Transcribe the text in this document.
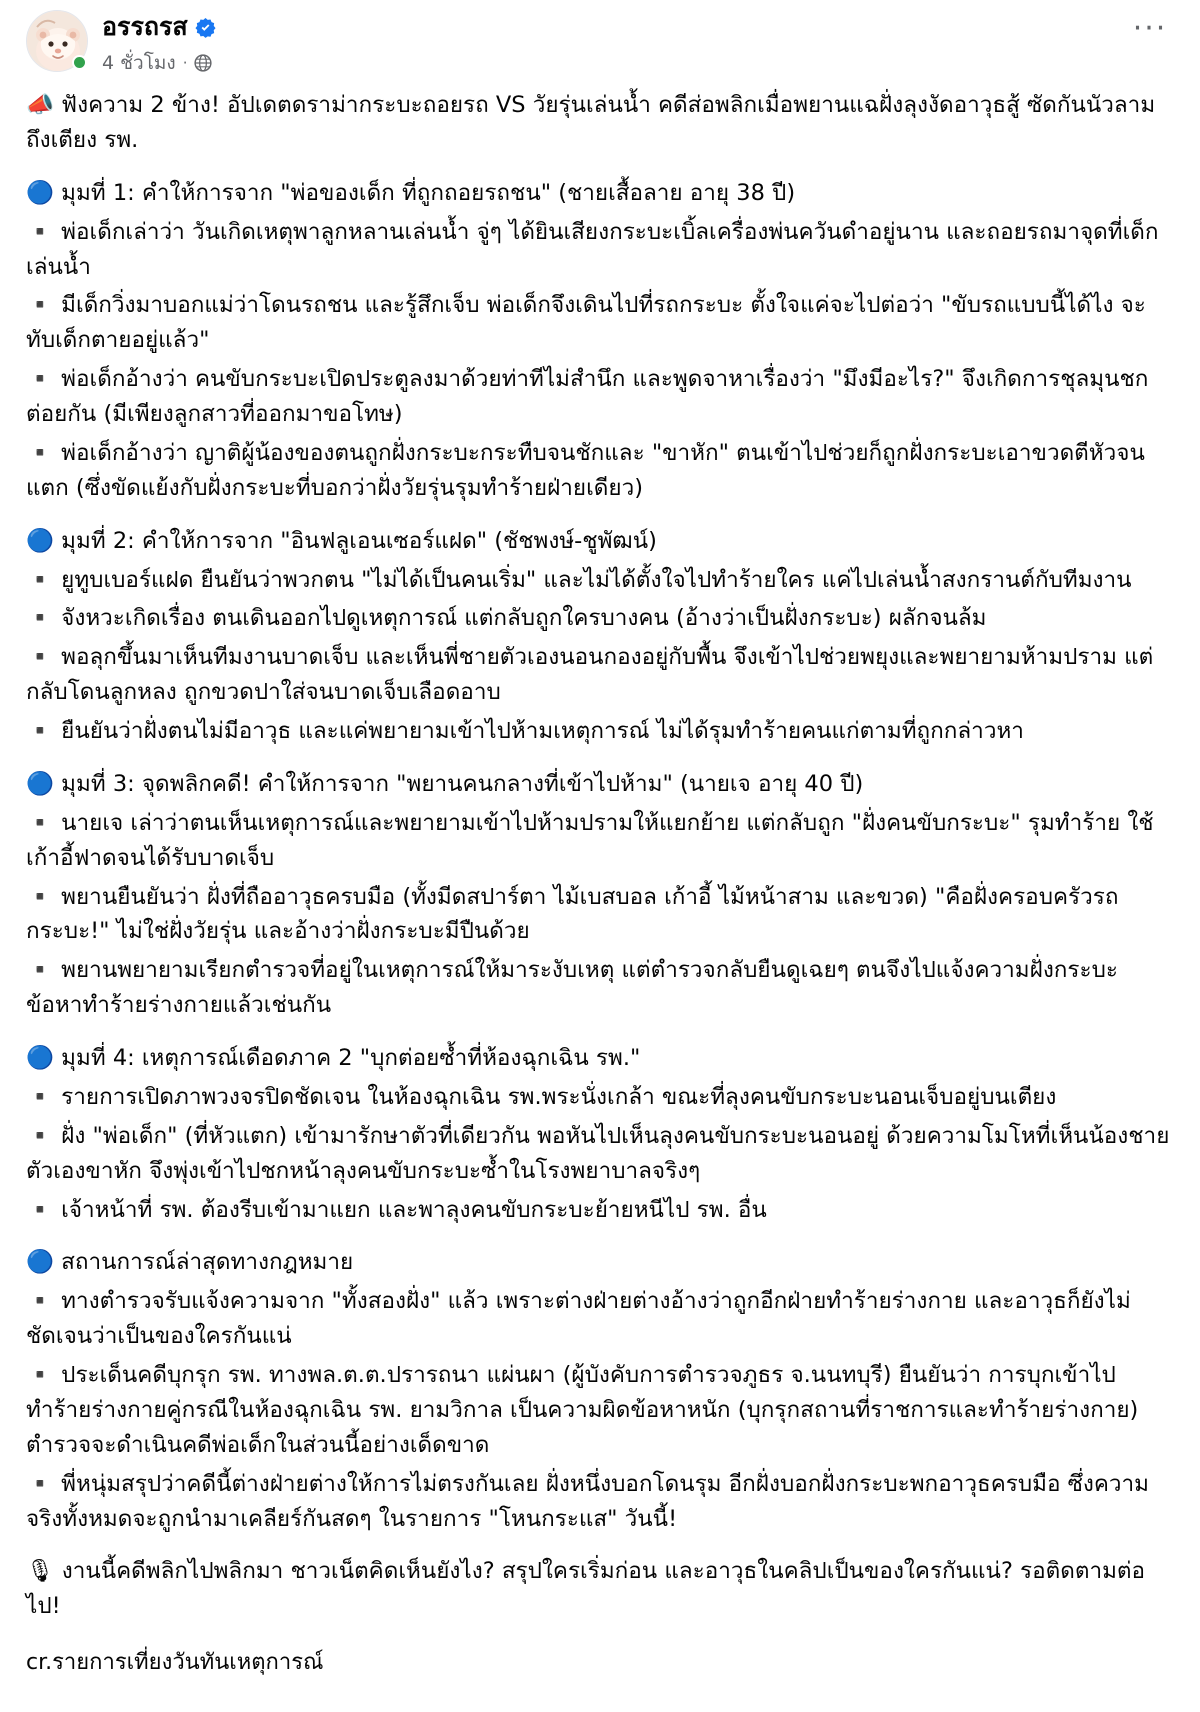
อรรถรส
4 ชั่วโมง ·
···

📣 ฟังความ 2 ข้าง! อัปเดตดราม่ากระบะถอยรถ VS วัยรุ่นเล่นน้ำ คดีส่อพลิกเมื่อพยานแฉฝั่งลุงงัดอาวุธสู้ ซัดกันนัวลามถึงเตียง รพ.

🔵 มุมที่ 1: คำให้การจาก "พ่อของเด็ก ที่ถูกถอยรถชน" (ชายเสื้อลาย อายุ 38 ปี)

▪️ พ่อเด็กเล่าว่า วันเกิดเหตุพาลูกหลานเล่นน้ำ จู่ๆ ได้ยินเสียงกระบะเบิ้ลเครื่องพ่นควันดำอยู่นาน และถอยรถมาจุดที่เด็กเล่นน้ำ

▪️ มีเด็กวิ่งมาบอกแม่ว่าโดนรถชน และรู้สึกเจ็บ พ่อเด็กจึงเดินไปที่รถกระบะ ตั้งใจแค่จะไปต่อว่า "ขับรถแบบนี้ได้ไง จะทับเด็กตายอยู่แล้ว"

▪️ พ่อเด็กอ้างว่า คนขับกระบะเปิดประตูลงมาด้วยท่าทีไม่สำนึก และพูดจาหาเรื่องว่า "มึงมีอะไร?" จึงเกิดการชุลมุนชกต่อยกัน (มีเพียงลูกสาวที่ออกมาขอโทษ)

▪️ พ่อเด็กอ้างว่า ญาติผู้น้องของตนถูกฝั่งกระบะกระทืบจนชักและ "ขาหัก" ตนเข้าไปช่วยก็ถูกฝั่งกระบะเอาขวดตีหัวจนแตก (ซึ่งขัดแย้งกับฝั่งกระบะที่บอกว่าฝั่งวัยรุ่นรุมทำร้ายฝ่ายเดียว)

🔵 มุมที่ 2: คำให้การจาก "อินฟลูเอนเซอร์แฝด" (ชัชพงษ์-ชูพัฒน์)

▪️ ยูทูบเบอร์แฝด ยืนยันว่าพวกตน "ไม่ได้เป็นคนเริ่ม" และไม่ได้ตั้งใจไปทำร้ายใคร แค่ไปเล่นน้ำสงกรานต์กับทีมงาน

▪️ จังหวะเกิดเรื่อง ตนเดินออกไปดูเหตุการณ์ แต่กลับถูกใครบางคน (อ้างว่าเป็นฝั่งกระบะ) ผลักจนล้ม

▪️ พอลุกขึ้นมาเห็นทีมงานบาดเจ็บ และเห็นพี่ชายตัวเองนอนกองอยู่กับพื้น จึงเข้าไปช่วยพยุงและพยายามห้ามปราม แต่กลับโดนลูกหลง ถูกขวดปาใส่จนบาดเจ็บเลือดอาบ

▪️ ยืนยันว่าฝั่งตนไม่มีอาวุธ และแค่พยายามเข้าไปห้ามเหตุการณ์ ไม่ได้รุมทำร้ายคนแก่ตามที่ถูกกล่าวหา

🔵 มุมที่ 3: จุดพลิกคดี! คำให้การจาก "พยานคนกลางที่เข้าไปห้าม" (นายเจ อายุ 40 ปี)

▪️ นายเจ เล่าว่าตนเห็นเหตุการณ์และพยายามเข้าไปห้ามปรามให้แยกย้าย แต่กลับถูก "ฝั่งคนขับกระบะ" รุมทำร้าย ใช้เก้าอี้ฟาดจนได้รับบาดเจ็บ

▪️ พยานยืนยันว่า ฝั่งที่ถืออาวุธครบมือ (ทั้งมีดสปาร์ตา ไม้เบสบอล เก้าอี้ ไม้หน้าสาม และขวด) "คือฝั่งครอบครัวรถกระบะ!" ไม่ใช่ฝั่งวัยรุ่น และอ้างว่าฝั่งกระบะมีปืนด้วย

▪️ พยานพยายามเรียกตำรวจที่อยู่ในเหตุการณ์ให้มาระงับเหตุ แต่ตำรวจกลับยืนดูเฉยๆ ตนจึงไปแจ้งความฝั่งกระบะข้อหาทำร้ายร่างกายแล้วเช่นกัน

🔵 มุมที่ 4: เหตุการณ์เดือดภาค 2 "บุกต่อยซ้ำที่ห้องฉุกเฉิน รพ."

▪️ รายการเปิดภาพวงจรปิดชัดเจน ในห้องฉุกเฉิน รพ.พระนั่งเกล้า ขณะที่ลุงคนขับกระบะนอนเจ็บอยู่บนเตียง

▪️ ฝั่ง "พ่อเด็ก" (ที่หัวแตก) เข้ามารักษาตัวที่เดียวกัน พอหันไปเห็นลุงคนขับกระบะนอนอยู่ ด้วยความโมโหที่เห็นน้องชายตัวเองขาหัก จึงพุ่งเข้าไปชกหน้าลุงคนขับกระบะซ้ำในโรงพยาบาลจริงๆ

▪️ เจ้าหน้าที่ รพ. ต้องรีบเข้ามาแยก และพาลุงคนขับกระบะย้ายหนีไป รพ. อื่น

🔵 สถานการณ์ล่าสุดทางกฎหมาย

▪️ ทางตำรวจรับแจ้งความจาก "ทั้งสองฝั่ง" แล้ว เพราะต่างฝ่ายต่างอ้างว่าถูกอีกฝ่ายทำร้ายร่างกาย และอาวุธก็ยังไม่ชัดเจนว่าเป็นของใครกันแน่

▪️ ประเด็นคดีบุกรุก รพ. ทางพล.ต.ต.ปรารถนา แผ่นผา (ผู้บังคับการตำรวจภูธร จ.นนทบุรี) ยืนยันว่า การบุกเข้าไปทำร้ายร่างกายคู่กรณีในห้องฉุกเฉิน รพ. ยามวิกาล เป็นความผิดข้อหาหนัก (บุกรุกสถานที่ราชการและทำร้ายร่างกาย) ตำรวจจะดำเนินคดีพ่อเด็กในส่วนนี้อย่างเด็ดขาด

▪️ พี่หนุ่มสรุปว่าคดีนี้ต่างฝ่ายต่างให้การไม่ตรงกันเลย ฝั่งหนึ่งบอกโดนรุม อีกฝั่งบอกฝั่งกระบะพกอาวุธครบมือ ซึ่งความจริงทั้งหมดจะถูกนำมาเคลียร์กันสดๆ ในรายการ "โหนกระแส" วันนี้!

🎙 งานนี้คดีพลิกไปพลิกมา ชาวเน็ตคิดเห็นยังไง? สรุปใครเริ่มก่อน และอาวุธในคลิปเป็นของใครกันแน่? รอติดตามต่อไป!

cr.รายการเที่ยงวันทันเหตุการณ์
